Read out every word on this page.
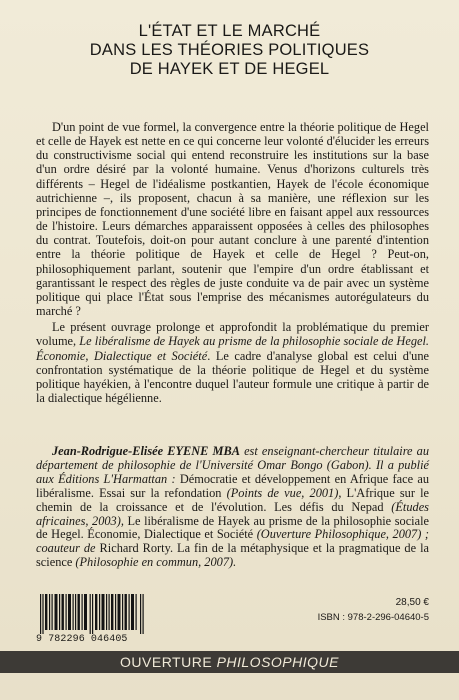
L'ÉTAT ET LE MARCHÉ
DANS LES THÉORIES POLITIQUES
DE HAYEK ET DE HEGEL

D'un point de vue formel, la convergence entre la théorie politique de Hegel et celle de Hayek est nette en ce qui concerne leur volonté d'élucider les erreurs du constructivisme social qui entend reconstruire les institutions sur la base d'un ordre désiré par la volonté humaine. Venus d'horizons culturels très différents – Hegel de l'idéalisme postkantien, Hayek de l'école économique autrichienne –, ils proposent, chacun à sa manière, une réflexion sur les principes de fonctionnement d'une société libre en faisant appel aux ressources de l'histoire. Leurs démarches apparaissent opposées à celles des philosophes du contrat. Toutefois, doit-on pour autant conclure à une parenté d'intention entre la théorie politique de Hayek et celle de Hegel ? Peut-on, philosophiquement parlant, soutenir que l'empire d'un ordre établissant et garantissant le respect des règles de juste conduite va de pair avec un système politique qui place l'État sous l'emprise des mécanismes autorégulateurs du marché ?

Le présent ouvrage prolonge et approfondit la problématique du premier volume, Le libéralisme de Hayek au prisme de la philosophie sociale de Hegel. Économie, Dialectique et Société. Le cadre d'analyse global est celui d'une confrontation systématique de la théorie politique de Hegel et du système politique hayékien, à l'encontre duquel l'auteur formule une critique à partir de la dialectique hégélienne.

Jean-Rodrigue-Elisée EYENE MBA est enseignant-chercheur titulaire au département de philosophie de l'Université Omar Bongo (Gabon). Il a publié aux Éditions L'Harmattan : Démocratie et développement en Afrique face au libéralisme. Essai sur la refondation (Points de vue, 2001), L'Afrique sur le chemin de la croissance et de l'évolution. Les défis du Nepad (Études africaines, 2003), Le libéralisme de Hayek au prisme de la philosophie sociale de Hegel. Économie, Dialectique et Société (Ouverture Philosophique, 2007) ; coauteur de Richard Rorty. La fin de la métaphysique et la pragmatique de la science (Philosophie en commun, 2007).

9 782296 046405
28,50 €
ISBN : 978-2-296-04640-5
OUVERTURE PHILOSOPHIQUE
